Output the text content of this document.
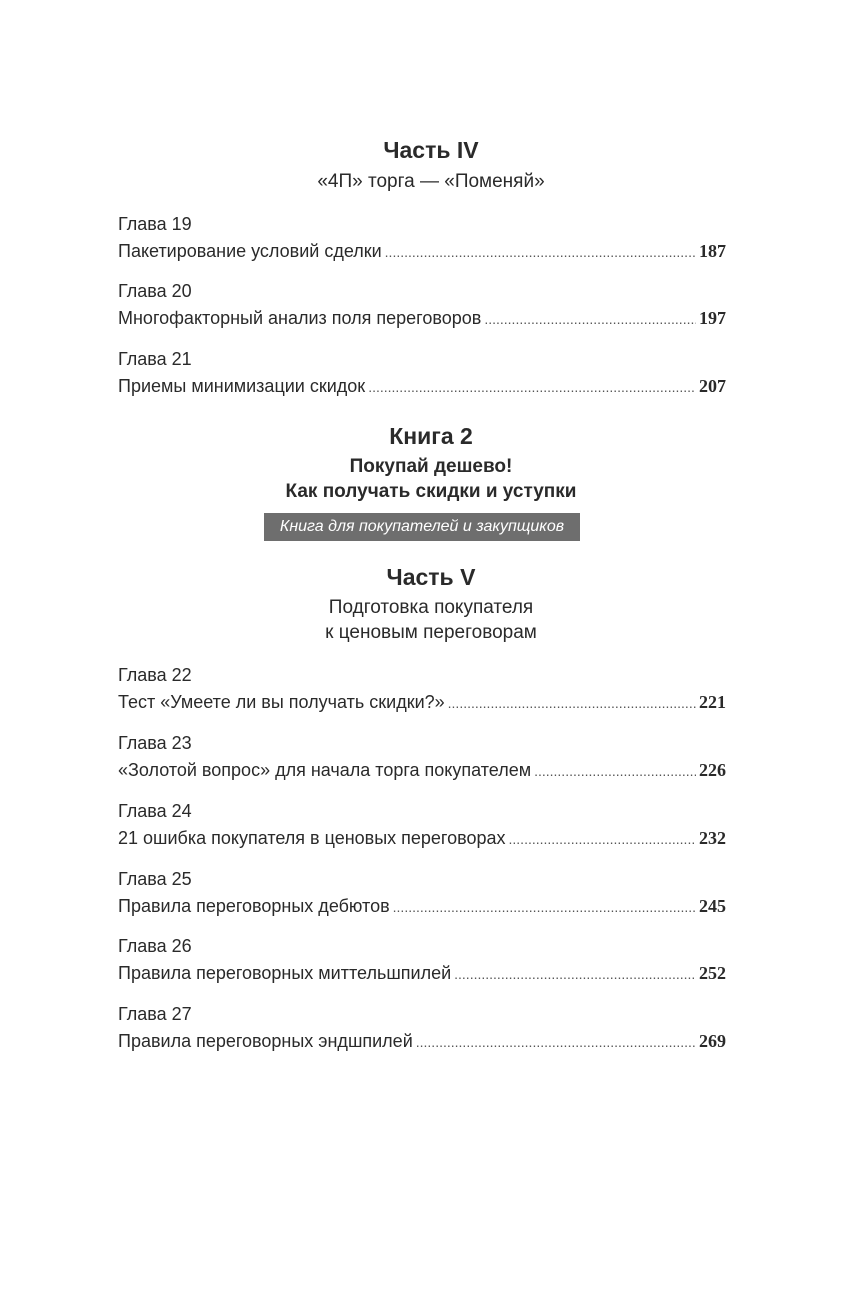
Часть IV
«4П» торга — «Поменяй»
Глава 19
Пакетирование условий сделки .....	187
Глава 20
Многофакторный анализ поля переговоров .....	197
Глава 21
Приемы минимизации скидок .....	207
Книга 2
Покупай дешево!
Как получать скидки и уступки
Книга для покупателей и закупщиков
Часть V
Подготовка покупателя
к ценовым переговорам
Глава 22
Тест «Умеете ли вы получать скидки?» .....	221
Глава 23
«Золотой вопрос» для начала торга покупателем .....	226
Глава 24
21 ошибка покупателя в ценовых переговорах .....	232
Глава 25
Правила переговорных дебютов .....	245
Глава 26
Правила переговорных миттельшпилей .....	252
Глава 27
Правила переговорных эндшпилей .....	269
